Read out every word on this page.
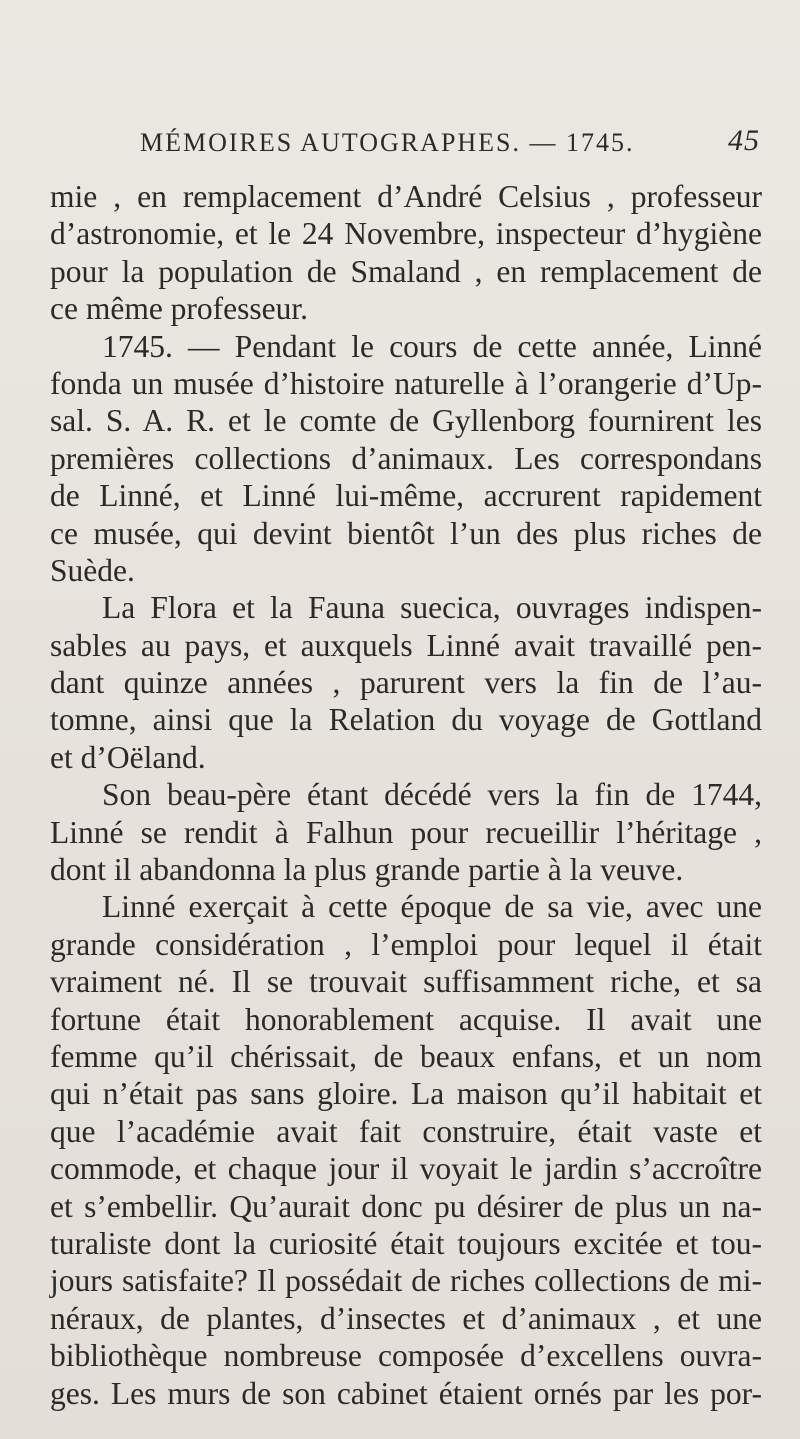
MÉMOIRES AUTOGRAPHES. — 1745.	45
mie , en remplacement d’André Celsius , professeur
d’astronomie, et le 24 Novembre, inspecteur d’hygiène
pour la population de Smaland , en remplacement de
ce même professeur.
1745. — Pendant le cours de cette année, Linné
fonda un musée d’histoire naturelle à l’orangerie d’Up-
sal. S. A. R. et le comte de Gyllenborg fournirent les
premières collections d’animaux. Les correspondans
de Linné, et Linné lui-même, accrurent rapidement
ce musée, qui devint bientôt l’un des plus riches de
Suède.
La Flora et la Fauna suecica, ouvrages indispen-
sables au pays, et auxquels Linné avait travaillé pen-
dant quinze années , parurent vers la fin de l’au-
tomne, ainsi que la Relation du voyage de Gottland
et d’Oëland.
Son beau-père étant décédé vers la fin de 1744,
Linné se rendit à Falhun pour recueillir l’héritage ,
dont il abandonna la plus grande partie à la veuve.
Linné exerçait à cette époque de sa vie, avec une
grande considération , l’emploi pour lequel il était
vraiment né. Il se trouvait suffisamment riche, et sa
fortune était honorablement acquise. Il avait une
femme qu’il chérissait, de beaux enfans, et un nom
qui n’était pas sans gloire. La maison qu’il habitait et
que l’académie avait fait construire, était vaste et
commode, et chaque jour il voyait le jardin s’accroître
et s’embellir. Qu’aurait donc pu désirer de plus un na-
turaliste dont la curiosité était toujours excitée et tou-
jours satisfaite? Il possédait de riches collections de mi-
néraux, de plantes, d’insectes et d’animaux , et une
bibliothèque nombreuse composée d’excellens ouvra-
ges. Les murs de son cabinet étaient ornés par les por-
